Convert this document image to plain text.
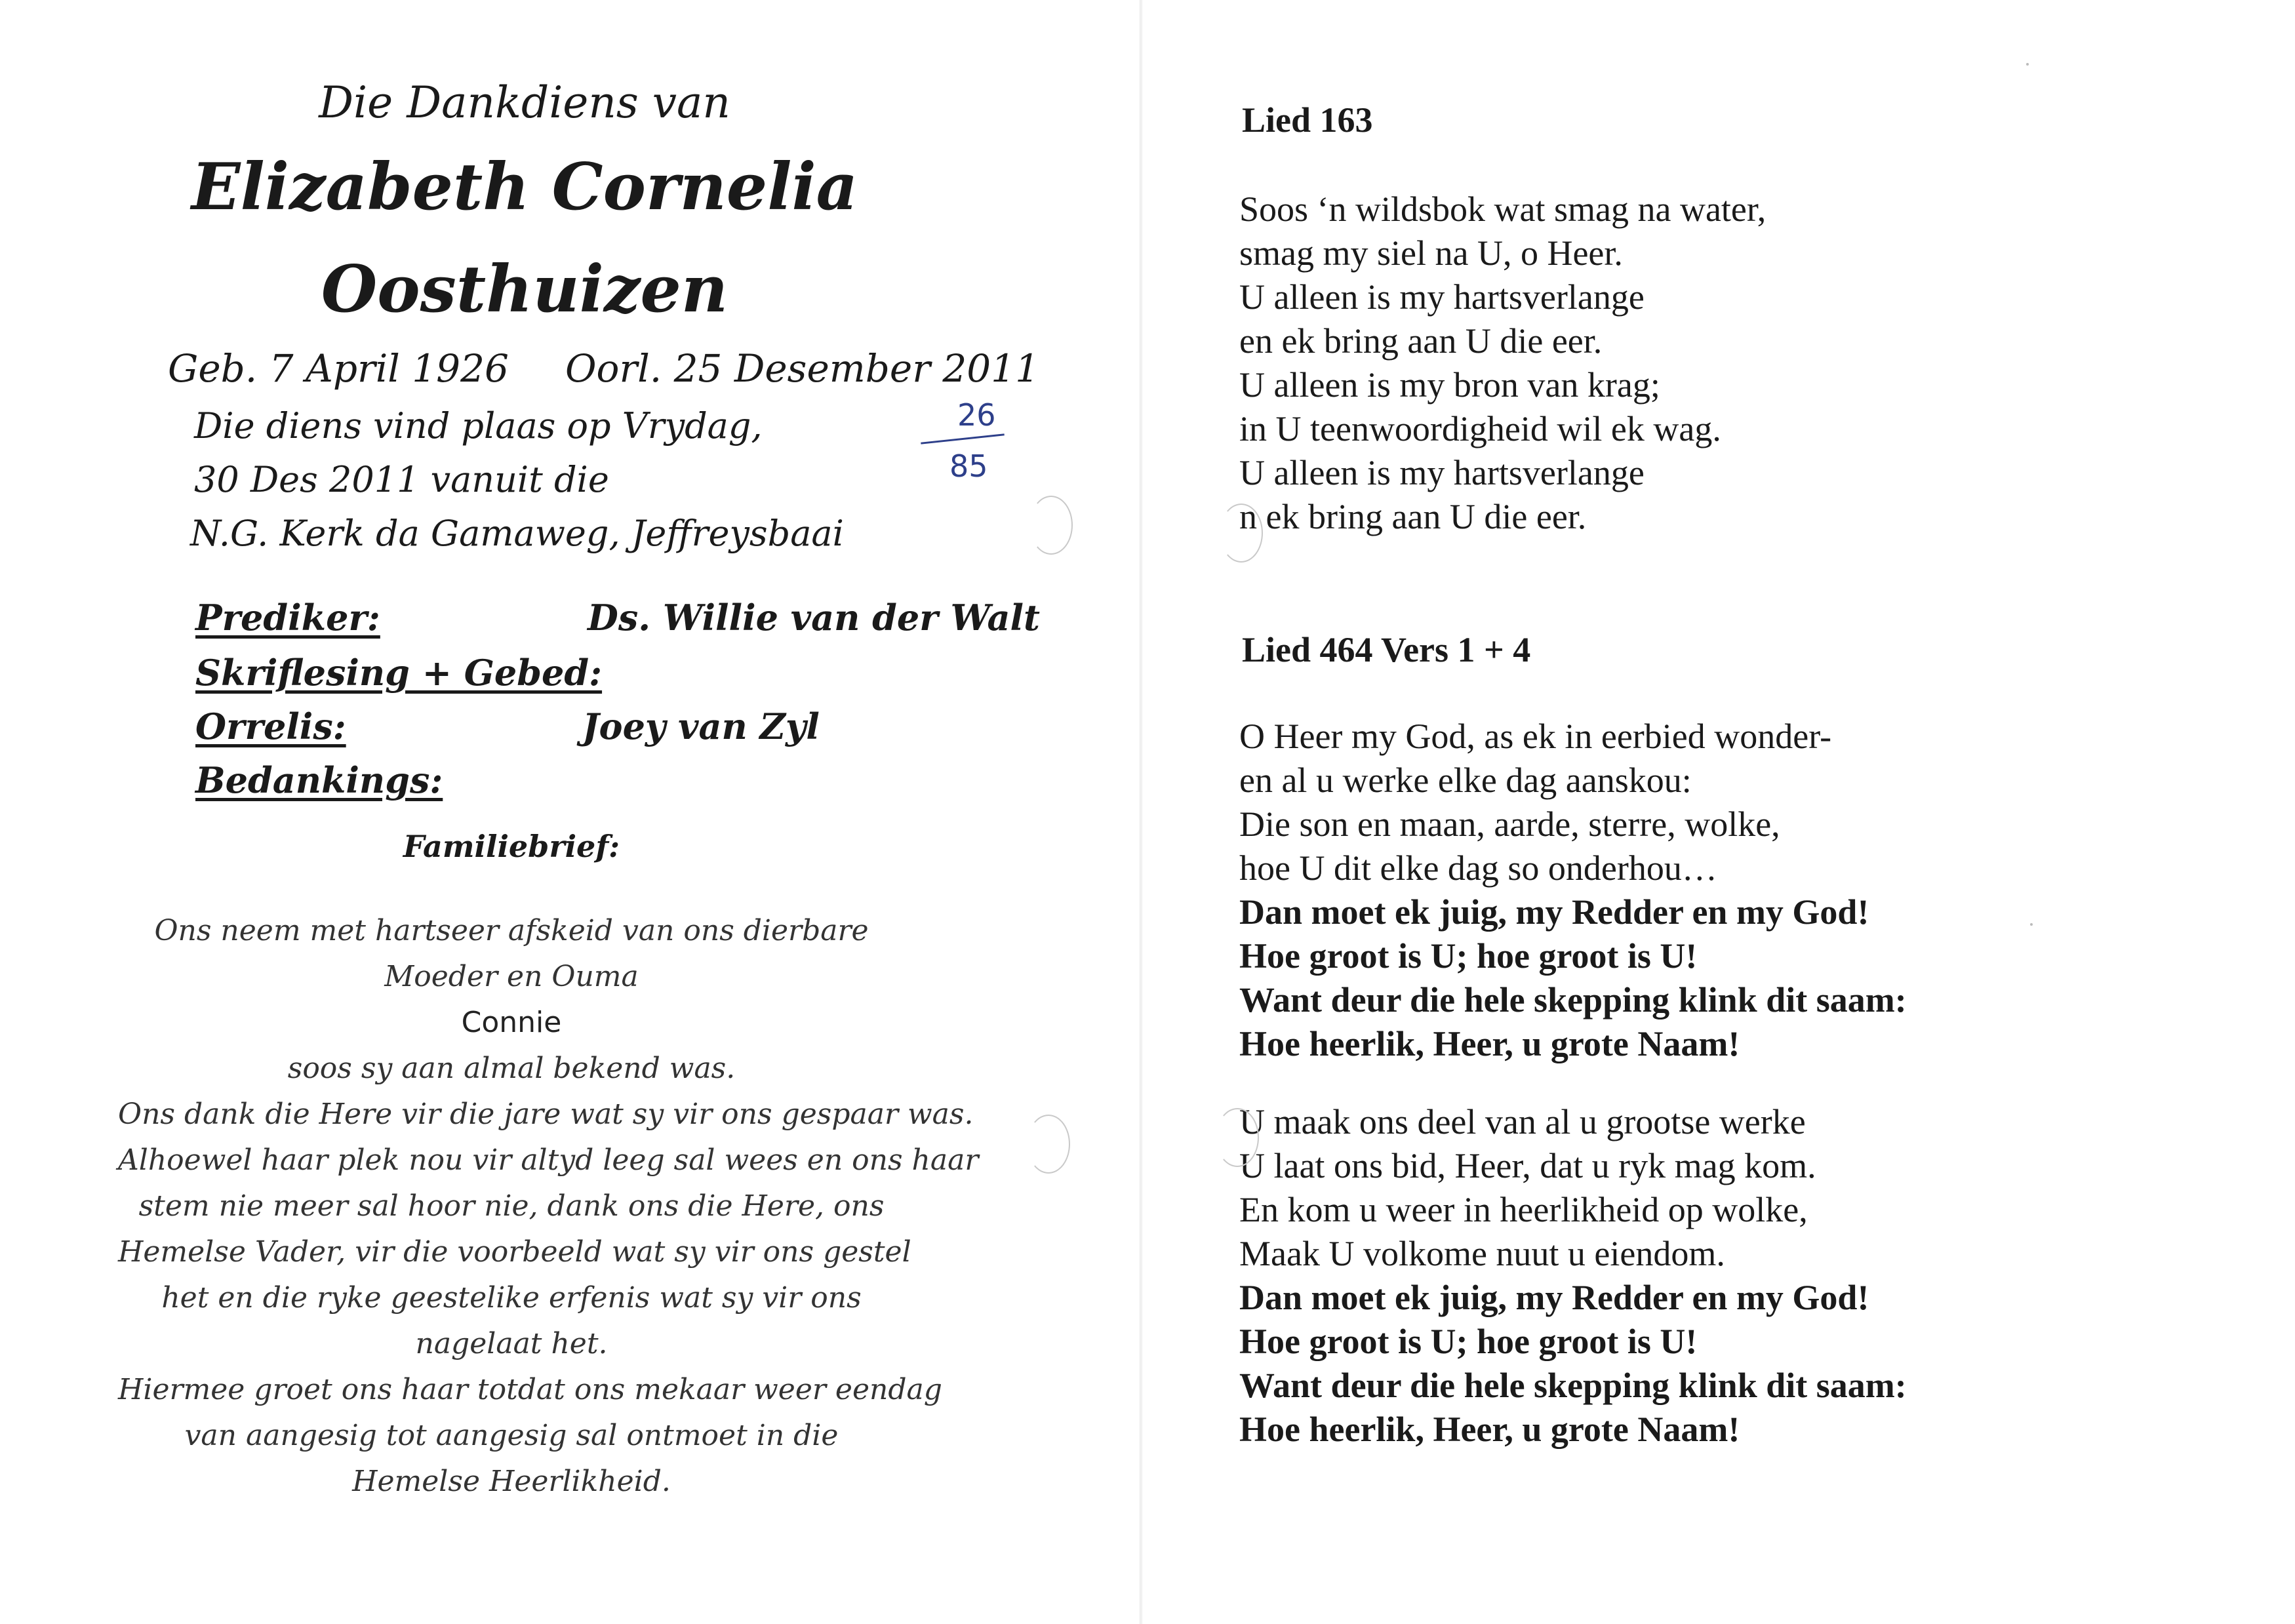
Die Dankdiens van
Elizabeth Cornelia
Oosthuizen
Geb. 7 April 1926 Oorl. 25 Desember 2011
Die diens vind plaas op Vrydag,
30 Des 2011 vanuit die
N.G. Kerk da Gamaweg, Jeffreysbaai
26
85
Prediker:	Ds. Willie van der Walt
Skriflesing + Gebed:
Orrelis:	Joey van Zyl
Bedankings:
Familiebrief:
Ons neem met hartseer afskeid van ons dierbare
Moeder en Ouma
Connie
soos sy aan almal bekend was.
Ons dank die Here vir die jare wat sy vir ons gespaar was.
Alhoewel haar plek nou vir altyd leeg sal wees en ons haar
stem nie meer sal hoor nie, dank ons die Here, ons
Hemelse Vader, vir die voorbeeld wat sy vir ons gestel
het en die ryke geestelike erfenis wat sy vir ons
nagelaat het.
Hiermee groet ons haar totdat ons mekaar weer eendag
van aangesig tot aangesig sal ontmoet in die
Hemelse Heerlikheid.
Lied 163
Soos ‘n wildsbok wat smag na water,
smag my siel na U, o Heer.
U alleen is my hartsverlange
en ek bring aan U die eer.
U alleen is my bron van krag;
in U teenwoordigheid wil ek wag.
U alleen is my hartsverlange
n ek bring aan U die eer.
Lied 464 Vers 1 + 4
O Heer my God, as ek in eerbied wonder-
en al u werke elke dag aanskou:
Die son en maan, aarde, sterre, wolke,
hoe U dit elke dag so onderhou…
Dan moet ek juig, my Redder en my God!
Hoe groot is U; hoe groot is U!
Want deur die hele skepping klink dit saam:
Hoe heerlik, Heer, u grote Naam!
U maak ons deel van al u grootse werke
U laat ons bid, Heer, dat u ryk mag kom.
En kom u weer in heerlikheid op wolke,
Maak U volkome nuut u eiendom.
Dan moet ek juig, my Redder en my God!
Hoe groot is U; hoe groot is U!
Want deur die hele skepping klink dit saam:
Hoe heerlik, Heer, u grote Naam!
